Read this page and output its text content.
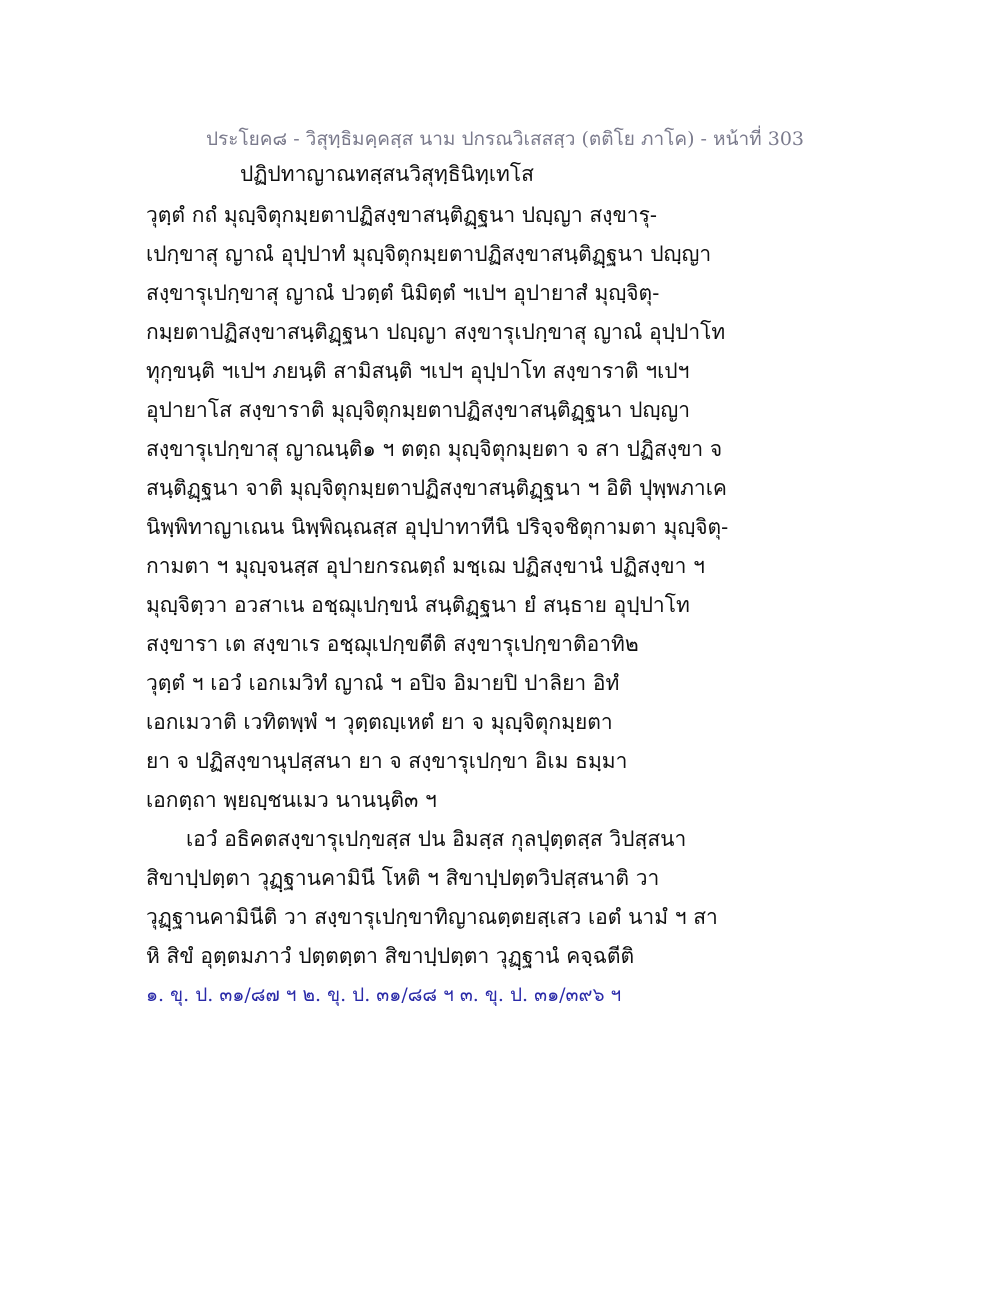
ประโยค๘ - วิสุทฺธิมคฺคสฺส นาม ปกรณวิเสสสฺว (ตติโย ภาโค) - หน้าที่ 303
ปฏิปทาญาณทสฺสนวิสุทฺธินิทฺเทโส
วุตฺตํ กถํ มุญฺจิตุกมฺยตาปฏิสงฺขาสนฺติฏฺฐนา ปญฺญา สงฺขารุ-
เปกฺขาสุ ญาณํ อุปฺปาทํ มุญฺจิตุกมฺยตาปฏิสงฺขาสนฺติฏฺฐนา ปญฺญา
สงฺขารุเปกฺขาสุ ญาณํ ปวตฺตํ นิมิตฺตํ ฯเปฯ อุปายาสํ มุญฺจิตุ-
กมฺยตาปฏิสงฺขาสนฺติฏฺฐนา ปญฺญา สงฺขารุเปกฺขาสุ ญาณํ อุปฺปาโท
ทุกฺขนฺติ ฯเปฯ ภยนฺติ สามิสนฺติ ฯเปฯ อุปฺปาโท สงฺขาราติ ฯเปฯ
อุปายาโส สงฺขาราติ มุญฺจิตุกมฺยตาปฏิสงฺขาสนฺติฏฺฐนา ปญฺญา
สงฺขารุเปกฺขาสุ ญาณนฺติ๑ ฯ ตตฺถ มุญฺจิตุกมฺยตา จ สา ปฏิสงฺขา จ
สนฺติฏฺฐนา จาติ มุญฺจิตุกมฺยตาปฏิสงฺขาสนฺติฏฺฐนา ฯ อิติ ปุพฺพภาเค
นิพฺพิทาญาเณน นิพฺพิณฺณสฺส อุปฺปาทาทีนิ ปริจฺจชิตุกามตา มุญฺจิตุ-
กามตา ฯ มุญฺจนสฺส อุปายกรณตฺถํ มชฺเฌ ปฏิสงฺขานํ ปฏิสงฺขา ฯ
มุญฺจิตฺวา อวสาเน อชฺฌุเปกฺขนํ สนฺติฏฺฐนา ยํ สนฺธาย อุปฺปาโท
สงฺขารา เต สงฺขาเร อชฺฌุเปกฺขตีติ สงฺขารุเปกฺขาติอาทิ๒
วุตฺตํ ฯ เอวํ เอกเมวิทํ ญาณํ ฯ อปิจ อิมายปิ ปาลิยา อิทํ
เอกเมวาติ เวทิตพฺพํ ฯ วุตฺตญฺเหตํ ยา จ มุญฺจิตุกมฺยตา
ยา จ ปฏิสงฺขานุปสฺสนา ยา จ สงฺขารุเปกฺขา อิเม ธมฺมา
เอกตฺถา พฺยญฺชนเมว นานนฺติ๓ ฯ
เอวํ อธิคตสงฺขารุเปกฺขสฺส ปน อิมสฺส กุลปุตฺตสฺส วิปสฺสนา
สิขาปฺปตฺตา วุฏฺฐานคามินี โหติ ฯ สิขาปฺปตฺตวิปสฺสนาติ วา
วุฏฺฐานคามินีติ วา สงฺขารุเปกฺขาทิญาณตฺตยสฺเสว เอตํ นามํ ฯ สา
หิ สิขํ อุตฺตมภาวํ ปตฺตตฺตา สิขาปฺปตฺตา วุฏฺฐานํ คจฺฉตีติ
๑. ขุ. ป. ๓๑/๘๗ ฯ ๒. ขุ. ป. ๓๑/๘๘ ฯ ๓. ขุ. ป. ๓๑/๓๙๖ ฯ
